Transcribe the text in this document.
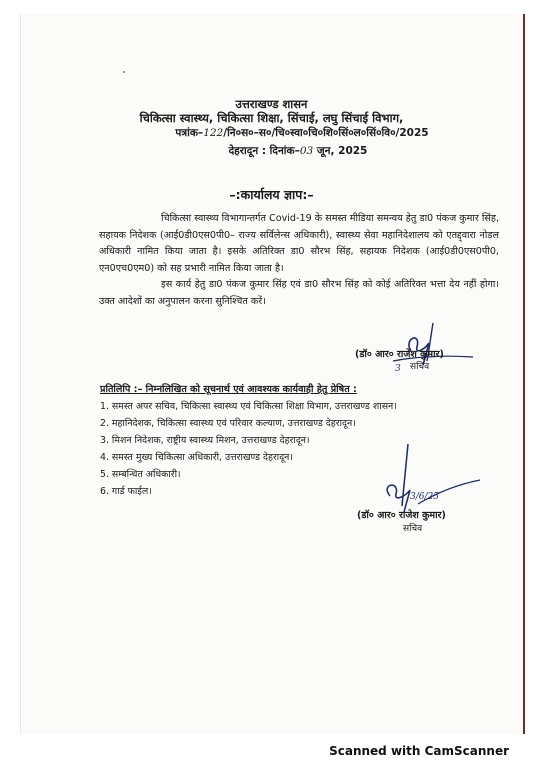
उत्तराखण्ड शासन
चिकित्सा स्वास्थ्य, चिकित्सा शिक्षा, सिंचाई, लघु सिंचाई विभाग,
पत्रांक–122/नि०स०–स०/चि०स्वा०चि०शि०सिं०ल०सिं०वि०/2025
देहरादून : दिनांक–03 जून, 2025
–:कार्यालय ज्ञाप:–

चिकित्सा स्वास्थ्य विभागान्तर्गत Covid-19 के समस्त मीडिया समन्वय हेतु डा0 पंकज कुमार सिंह, सहायक निदेशक (आई0डी0एस0पी0– राज्य सर्विलेन्स अधिकारी), स्वास्थ्य सेवा महानिदेशालय को एतद्द्वारा नोडल अधिकारी नामित किया जाता है। इसके अतिरिक्त डा0 सौरभ सिंह, सहायक निदेशक (आई0डी0एस0पी0, एन0एच0एम0) को सह प्रभारी नामित किया जाता है।

इस कार्य हेतु डा0 पंकज कुमार सिंह एवं डा0 सौरभ सिंह को कोई अतिरिक्त भत्ता देय नहीं होगा। उक्त आदेशों का अनुपालन करना सुनिश्चित करें।

(डॉ० आर० राजेश कुमार)
3 सचिव
प्रतिलिपि :– निम्नलिखित को सूचनार्थ एवं आवश्यक कार्यवाही हेतु प्रेषित :
1. समस्त अपर सचिव, चिकित्सा स्वास्थ्य एवं चिकित्सा शिक्षा विभाग, उत्तराखण्ड शासन।
2. महानिदेशक, चिकित्सा स्वास्थ्य एवं परिवार कल्याण, उत्तराखण्ड देहरादून।
3. मिशन निदेशक, राष्ट्रीय स्वास्थ्य मिशन, उत्तराखण्ड देहरादून।
4. समस्त मुख्य चिकित्सा अधिकारी, उत्तराखण्ड देहरादून।
5. सम्बन्धित अधिकारी।
6. गार्ड फाईल।	3/6/25
(डॉ० आर० राजेश कुमार)
सचिव
Scanned with CamScanner
